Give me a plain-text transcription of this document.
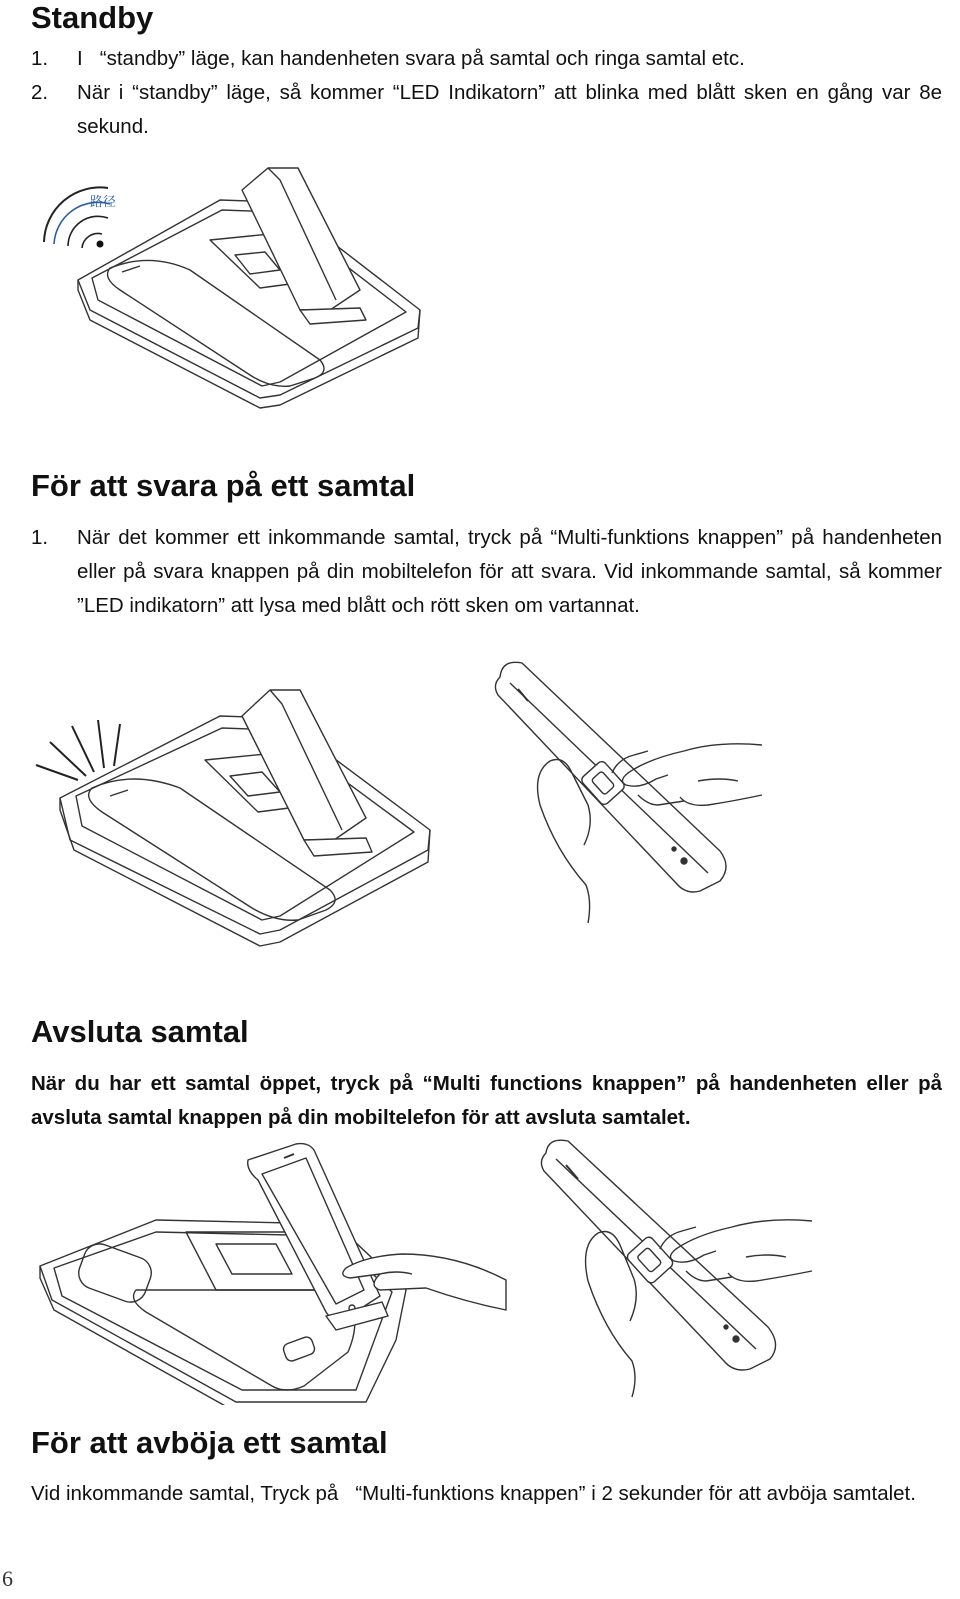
Standby
1. I   “standby” läge, kan handenheten svara på samtal och ringa samtal etc.
2. När i “standby” läge, så kommer “LED Indikatorn” att blinka med blått sken en gång var 8e sekund.
路径
För att svara på ett samtal
1. När det kommer ett inkommande samtal, tryck på “Multi-funktions knappen” på handenheten eller på svara knappen på din mobiltelefon för att svara. Vid inkommande samtal, så kommer ”LED indikatorn” att lysa med blått och rött sken om vartannat.
Avsluta samtal
När du har ett samtal öppet, tryck på “Multi functions knappen” på handenheten eller på avsluta samtal knappen på din mobiltelefon för att avsluta samtalet.
För att avböja ett samtal
Vid inkommande samtal, Tryck på   “Multi-funktions knappen” i 2 sekunder för att avböja samtalet.
6
